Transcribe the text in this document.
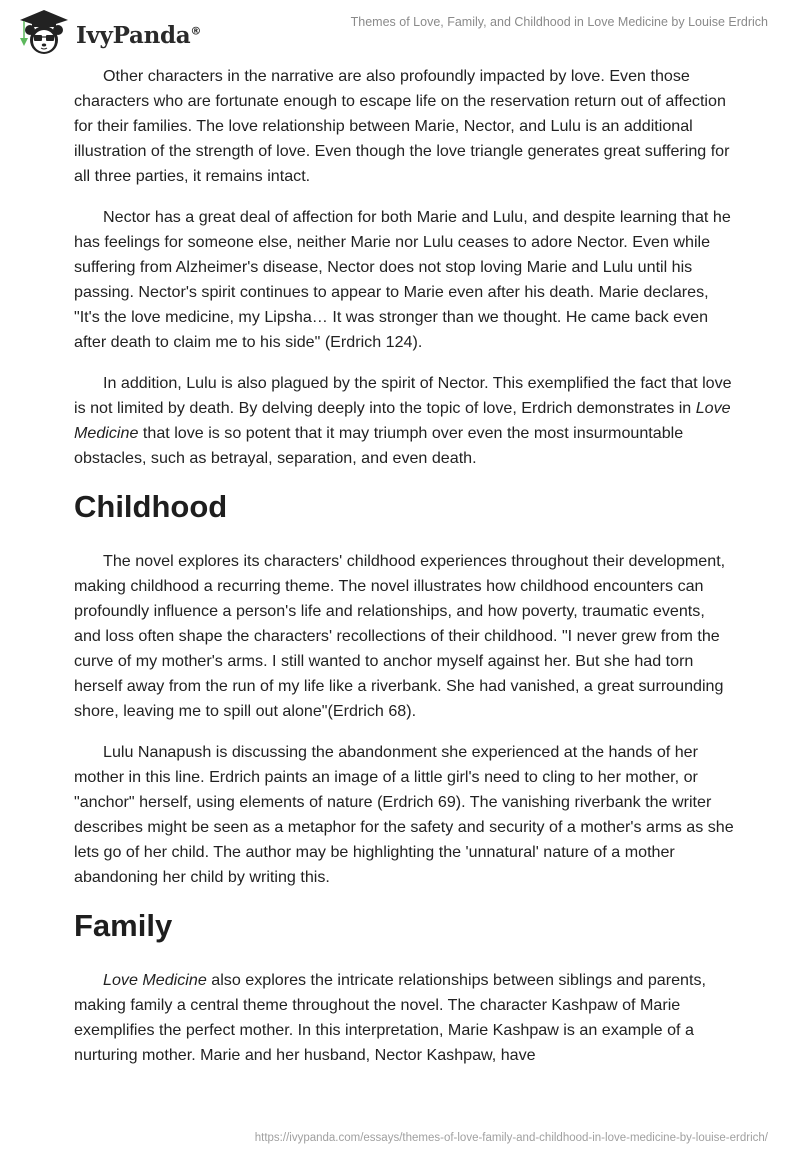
IvyPanda®
Themes of Love, Family, and Childhood in Love Medicine by Louise Erdrich

Other characters in the narrative are also profoundly impacted by love. Even those characters who are fortunate enough to escape life on the reservation return out of affection for their families. The love relationship between Marie, Nector, and Lulu is an additional illustration of the strength of love. Even though the love triangle generates great suffering for all three parties, it remains intact.

Nector has a great deal of affection for both Marie and Lulu, and despite learning that he has feelings for someone else, neither Marie nor Lulu ceases to adore Nector. Even while suffering from Alzheimer's disease, Nector does not stop loving Marie and Lulu until his passing. Nector's spirit continues to appear to Marie even after his death. Marie declares, "It's the love medicine, my Lipsha… It was stronger than we thought. He came back even after death to claim me to his side" (Erdrich 124).

In addition, Lulu is also plagued by the spirit of Nector. This exemplified the fact that love is not limited by death. By delving deeply into the topic of love, Erdrich demonstrates in Love Medicine that love is so potent that it may triumph over even the most insurmountable obstacles, such as betrayal, separation, and even death.

Childhood

The novel explores its characters' childhood experiences throughout their development, making childhood a recurring theme. The novel illustrates how childhood encounters can profoundly influence a person's life and relationships, and how poverty, traumatic events, and loss often shape the characters' recollections of their childhood. "I never grew from the curve of my mother's arms. I still wanted to anchor myself against her. But she had torn herself away from the run of my life like a riverbank. She had vanished, a great surrounding shore, leaving me to spill out alone"(Erdrich 68).

Lulu Nanapush is discussing the abandonment she experienced at the hands of her mother in this line. Erdrich paints an image of a little girl's need to cling to her mother, or "anchor" herself, using elements of nature (Erdrich 69). The vanishing riverbank the writer describes might be seen as a metaphor for the safety and security of a mother's arms as she lets go of her child. The author may be highlighting the 'unnatural' nature of a mother abandoning her child by writing this.

Family

Love Medicine also explores the intricate relationships between siblings and parents, making family a central theme throughout the novel. The character Kashpaw of Marie exemplifies the perfect mother. In this interpretation, Marie Kashpaw is an example of a nurturing mother. Marie and her husband, Nector Kashpaw, have

https://ivypanda.com/essays/themes-of-love-family-and-childhood-in-love-medicine-by-louise-erdrich/
